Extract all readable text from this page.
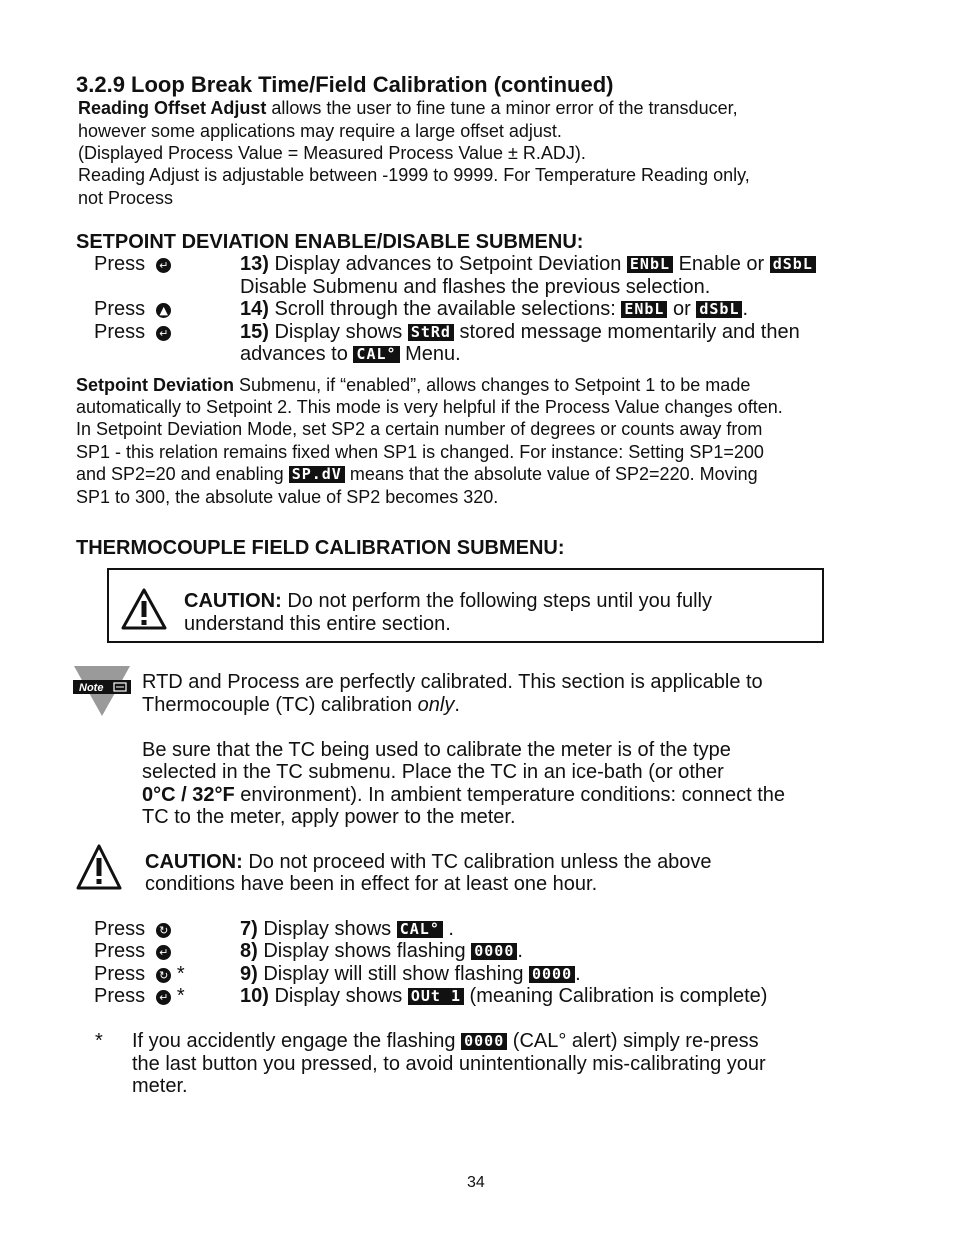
3.2.9 Loop Break Time/Field Calibration (continued)
Reading Offset Adjust allows the user to fine tune a minor error of the transducer,
however some applications may require a large offset adjust.
(Displayed Process Value = Measured Process Value ± R.ADJ).
Reading Adjust is adjustable between -1999 to 9999. For Temperature Reading only,
not Process
SETPOINT DEVIATION ENABLE/DISABLE SUBMENU:
Press ↵	13) Display advances to Setpoint Deviation ENbL Enable or dSbL
Disable Submenu and flashes the previous selection.
Press ▲	14) Scroll through the available selections: ENbL or dSbL .
Press ↵	15) Display shows StRd stored message momentarily and then
advances to CAL° Menu.
Setpoint Deviation Submenu, if “enabled”, allows changes to Setpoint 1 to be made
automatically to Setpoint 2. This mode is very helpful if the Process Value changes often.
In Setpoint Deviation Mode, set SP2 a certain number of degrees or counts away from
SP1 - this relation remains fixed when SP1 is changed. For instance: Setting SP1=200
and SP2=20 and enabling SP.dV means that the absolute value of SP2=220. Moving
SP1 to 300, the absolute value of SP2 becomes 320.
THERMOCOUPLE FIELD CALIBRATION SUBMENU:
CAUTION: Do not perform the following steps until you fully
understand this entire section.
Note RTD and Process are perfectly calibrated. This section is applicable to
Thermocouple (TC) calibration only.
Be sure that the TC being used to calibrate the meter is of the type
selected in the TC submenu. Place the TC in an ice-bath (or other
0°C / 32°F environment). In ambient temperature conditions: connect the
TC to the meter, apply power to the meter.
CAUTION: Do not proceed with TC calibration unless the above
conditions have been in effect for at least one hour.
Press ↻	7) Display shows CAL° .
Press ↵	8) Display shows flashing 0000 .
Press ↻ *	9) Display will still show flashing 0000 .
Press ↵ *	10) Display shows OUt 1 (meaning Calibration is complete)
* If you accidently engage the flashing 0000 (CAL° alert) simply re-press
the last button you pressed, to avoid unintentionally mis-calibrating your
meter.
34
